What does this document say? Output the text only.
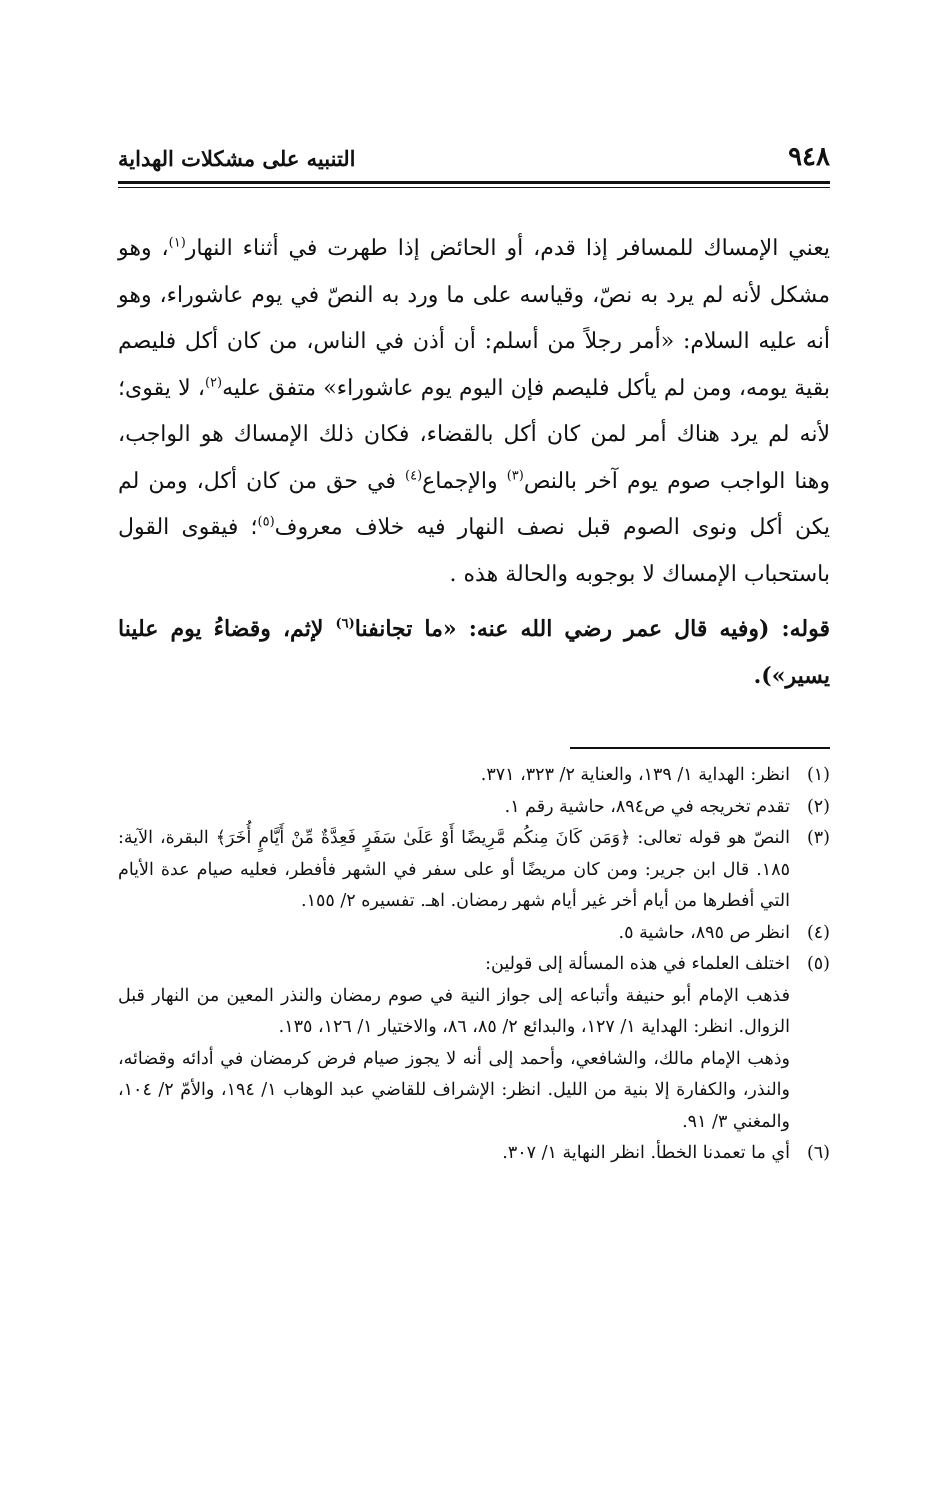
٩٤٨
التنبيه على مشكلات الهداية

يعني الإمساك للمسافر إذا قدم، أو الحائض إذا طهرت في أثناء النهار$^{(١)}$، وهو مشكل لأنه لم يرد به نصّ، وقياسه على ما ورد به النصّ في يوم عاشوراء، وهو أنه عليه السلام: «أمر رجلاً من أسلم: أن أذن في الناس، من كان أكل فليصم بقية يومه، ومن لم يأكل فليصم فإن اليوم يوم عاشوراء» متفق عليه$^{(٢)}$، لا يقوى؛ لأنه لم يرد هناك أمر لمن كان أكل بالقضاء، فكان ذلك الإمساك هو الواجب، وهنا الواجب صوم يوم آخر بالنص$^{(٣)}$ والإجماع$^{(٤)}$ في حق من كان أكل، ومن لم يكن أكل ونوى الصوم قبل نصف النهار فيه خلاف معروف$^{(٥)}$؛ فيقوى القول باستحباب الإمساك لا بوجوبه والحالة هذه .

قوله: (وفيه قال عمر رضي الله عنه: «ما تجانفنا$^{(٦)}$ لإثم، وقضاءُ يوم علينا يسير»).

(١)
انظر: الهداية ١/ ١٣٩، والعناية ٢/ ٣٢٣، ٣٧١.
(٢)
تقدم تخريجه في ص٨٩٤، حاشية رقم ١.
(٣)
النصّ هو قوله تعالى: ﴿وَمَن كَانَ مِنكُم مَّرِيضًا أَوْ عَلَىٰ سَفَرٍ فَعِدَّةٌ مِّنْ أَيَّامٍ أُخَرَ﴾ البقرة، الآية: ١٨٥. قال ابن جرير: ومن كان مريضًا أو على سفر في الشهر فأفطر، فعليه صيام عدة الأيام التي أفطرها من أيام أخر غير أيام شهر رمضان. اهـ. تفسيره ٢/ ١٥٥.
(٤)
انظر ص ٨٩٥، حاشية ٥.
(٥)
اختلف العلماء في هذه المسألة إلى قولين:
فذهب الإمام أبو حنيفة وأتباعه إلى جواز النية في صوم رمضان والنذر المعين من النهار قبل الزوال. انظر: الهداية ١/ ١٢٧، والبدائع ٢/ ٨٥، ٨٦، والاختيار ١/ ١٢٦، ١٣٥.
وذهب الإمام مالك، والشافعي، وأحمد إلى أنه لا يجوز صيام فرض كرمضان في أدائه وقضائه، والنذر، والكفارة إلا بنية من الليل. انظر: الإشراف للقاضي عبد الوهاب ١/ ١٩٤، والأمّ ٢/ ١٠٤، والمغني ٣/ ٩١.
(٦)
أي ما تعمدنا الخطأ. انظر النهاية ١/ ٣٠٧.
